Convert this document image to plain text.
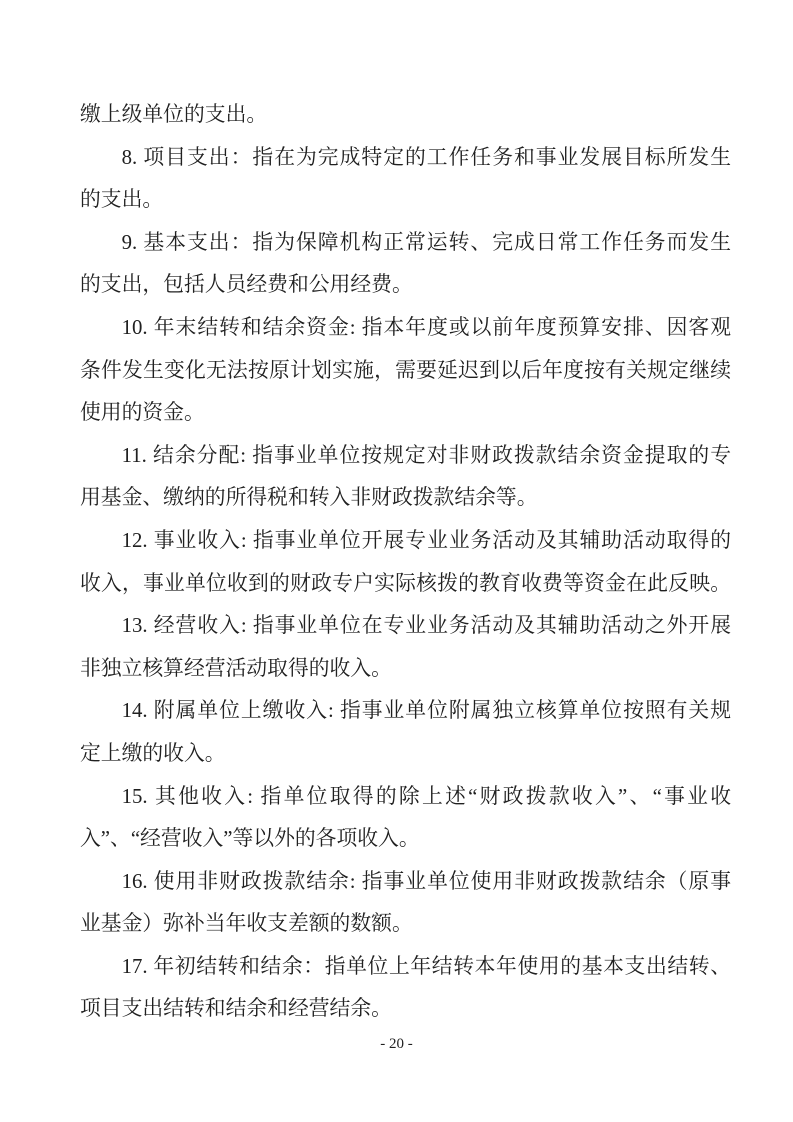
缴上级单位的支出。
8. 项目支出：指在为完成特定的工作任务和事业发展目标所发生
的支出。
9. 基本支出：指为保障机构正常运转、完成日常工作任务而发生
的支出，包括人员经费和公用经费。
10. 年末结转和结余资金: 指本年度或以前年度预算安排、因客观
条件发生变化无法按原计划实施，需要延迟到以后年度按有关规定继续
使用的资金。
11. 结余分配: 指事业单位按规定对非财政拨款结余资金提取的专
用基金、缴纳的所得税和转入非财政拨款结余等。
12. 事业收入: 指事业单位开展专业业务活动及其辅助活动取得的
收入，事业单位收到的财政专户实际核拨的教育收费等资金在此反映。
13. 经营收入: 指事业单位在专业业务活动及其辅助活动之外开展
非独立核算经营活动取得的收入。
14. 附属单位上缴收入: 指事业单位附属独立核算单位按照有关规
定上缴的收入。
15. 其他收入: 指单位取得的除上述“财政拨款收入”、“事业收
入”、“经营收入”等以外的各项收入。
16. 使用非财政拨款结余: 指事业单位使用非财政拨款结余（原事
业基金）弥补当年收支差额的数额。
17. 年初结转和结余：指单位上年结转本年使用的基本支出结转、
项目支出结转和结余和经营结余。
- 20 -
